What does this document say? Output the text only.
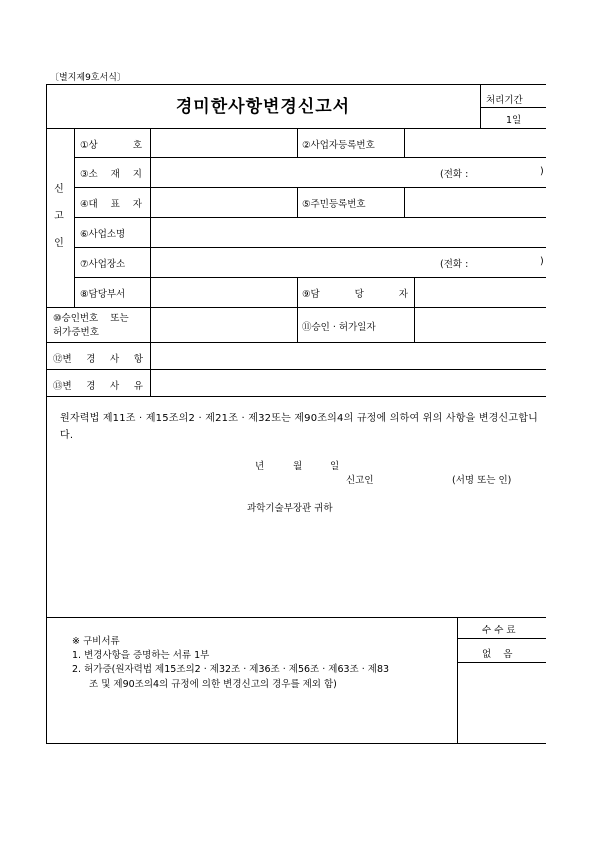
〔별지제9호서식〕
경미한사항변경신고서	처리기간
1일
신
고
인
①상	호	②사업자등록번호
③소 재 지	(전화 :	)
④대 표 자	⑤주민등록번호
⑥사업소명
⑦사업장소	(전화 :	)
⑧담당부서	⑨담	당	자
⑩승인번호    또는
허가증번호	⑪승인 · 허가일자
⑫변 경 사 항
⑬변 경 사 유
원자력법 제11조 · 제15조의2 · 제21조 · 제32또는 제90조의4의 규정에 의하여 위의 사항을 변경신고합니다.
년	월	일
신고인	(서명 또는 인)
과학기술부장관 귀하
※ 구비서류
1. 변경사항을 증명하는 서류 1부
2. 허가증(원자력법 제15조의2 · 제32조 · 제36조 · 제56조 · 제63조 · 제83
조 및 제90조의4의 규정에 의한 변경신고의 경우를 제외 함)
수 수 료
없    음
